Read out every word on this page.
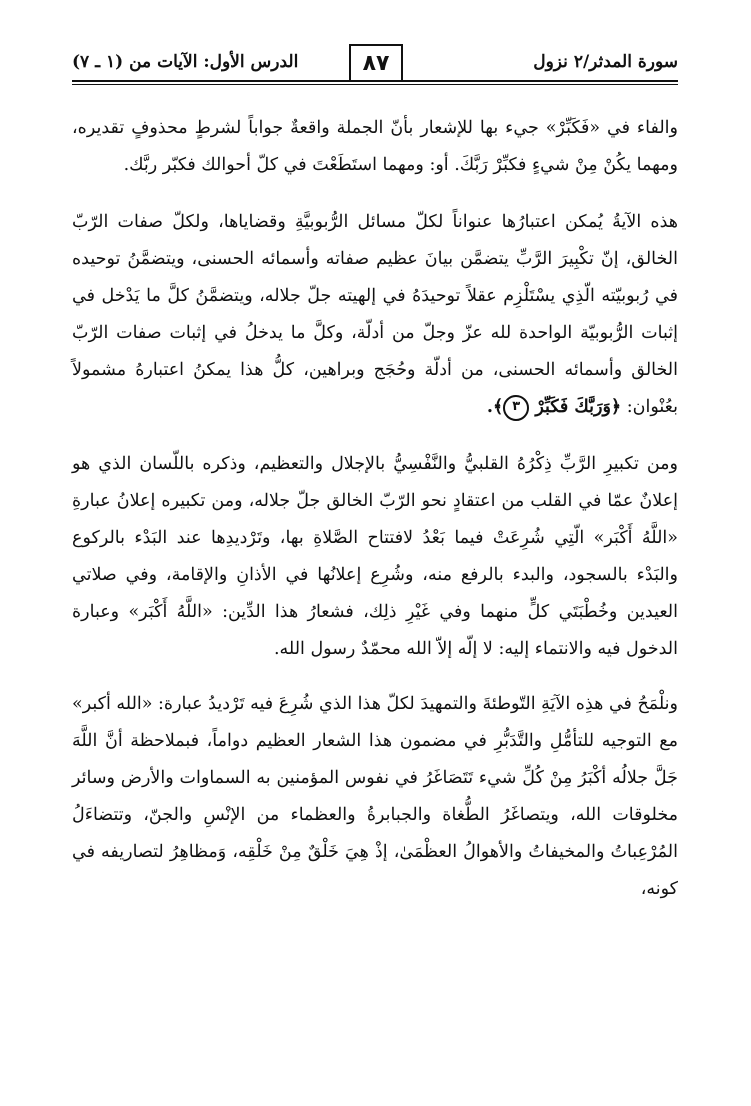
سورة المدثر/٢ نزول
٨٧
الدرس الأول: الآيات من (١ ـ ٧)

والفاء في «فَكَبِّرْ» جيء بها للإشعار بأنّ الجملة واقعةٌ جواباً لشرطٍ محذوفٍ تقديره، ومهما يكُنْ مِنْ شيءٍ فكبِّرْ رَبَّكَ. أو: ومهما استَطَعْتَ في كلّ أحوالك فكبّر ربَّك.

هذه الآيةُ يُمكن اعتبارُها عنواناً لكلّ مسائل الرُّبوبيَّةِ وقضاياها، ولكلّ صفات الرّبّ الخالق، إنّ تكْبِيرَ الرَّبِّ يتضمَّن بيانَ عظيم صفاته وأسمائه الحسنى، ويتضمَّنُ توحيده في رُبوبيّته الّذِي يسْتَلْزِم عقلاً توحيدَهُ في إلهيته جلّ جلاله، ويتضمَّنُ كلَّ ما يَدْخل في إثبات الرُّبوبيّة الواحدة لله عزّ وجلّ من أدلّة، وكلَّ ما يدخلُ في إثبات صفات الرّبّ الخالق وأسمائه الحسنى، من أدلّة وحُجَج وبراهين، كلُّ هذا يمكنُ اعتبارهُ مشمولاً بعُنْوان: ﴿وَرَبَّكَ فَكَبِّرْ ٣﴾.

ومن تكبيرِ الرَّبِّ ذِكْرُهُ القلبيُّ والنَّفْسِيُّ بالإجلال والتعظيم، وذكره باللّسان الذي هو إعلانٌ عمّا في القلب من اعتقادٍ نحو الرّبّ الخالق جلّ جلاله، ومن تكبيره إعلانُ عبارةِ «اللَّهُ أَكْبَر» الّتِي شُرِعَتْ فيما بَعْدُ لافتتاح الصَّلاةِ بها، وتَرْديدِها عند البَدْء بالركوع والبَدْء بالسجود، والبدء بالرفع منه، وشُرِع إعلانُها في الأذانِ والإقامة، وفي صلاتي العيدين وخُطْبَتَي كلٍّ منهما وفي غَيْرِ ذلِك، فشعارُ هذا الدِّين: «اللَّهُ أَكْبَر» وعبارة الدخول فيه والانتماء إليه: لا إلّه إلاّ الله محمّدٌ رسول الله.

ونلْمَحُ في هذِه الآيَةِ التّوطئةَ والتمهيدَ لكلّ هذا الذي شُرِعَ فيه تَرْديدُ عبارة: «الله أكبر» مع التوجيه للتأمُّلِ والتَّدَبُّرِ في مضمون هذا الشعار العظيم دواماً، فبملاحظة أنَّ اللَّهَ جَلَّ جلالُه أكْبَرُ مِنْ كُلِّ شيء تَتَصَاغَرُ في نفوس المؤمنين به السماوات والأرض وسائر مخلوقات الله، ويتصاغَرُ الطُّغاة والجبابرةُ والعظماء من الإنْسِ والجنّ، وتتضاءَلُ المُرْعِباتُ والمخيفاتُ والأهوالُ العظْمَىٰ، إذْ هِيَ خَلْقٌ مِنْ خَلْقِه، وَمظاهِرُ لتصاريفه في كونه،
